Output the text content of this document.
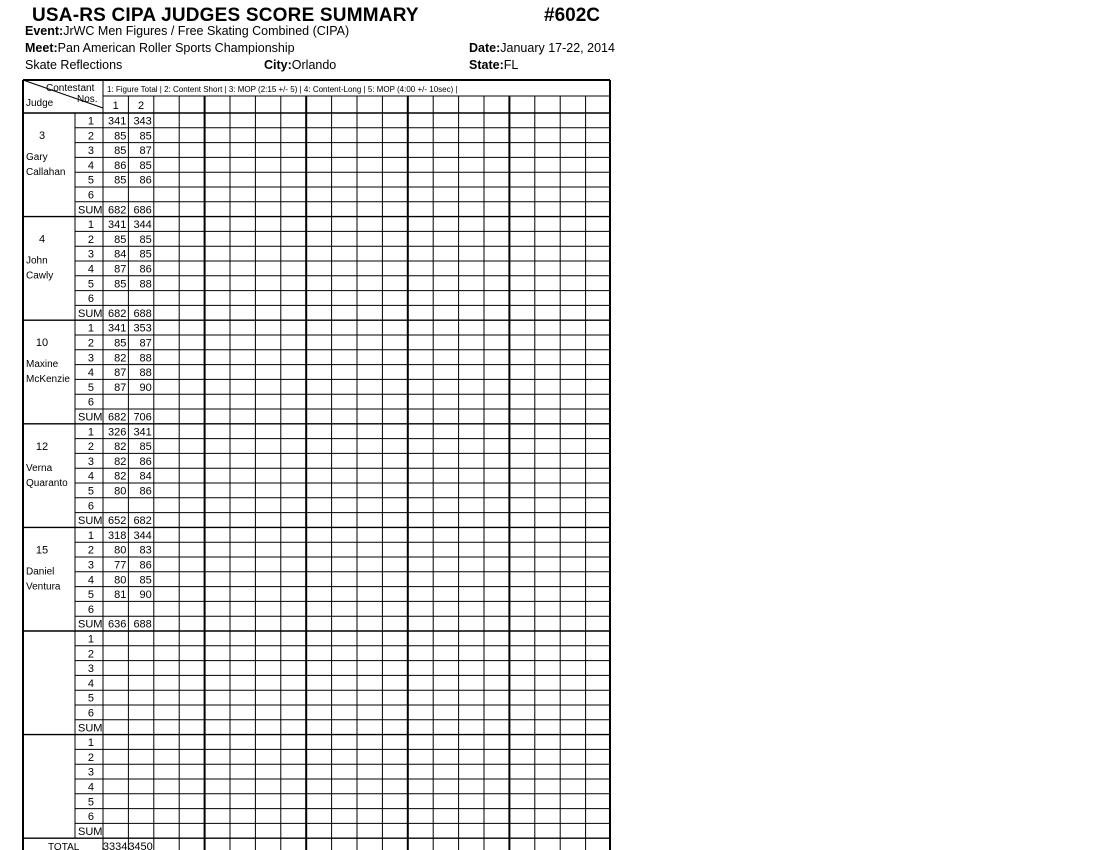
USA-RS CIPA JUDGES SCORE SUMMARY	#602C
Event:JrWC Men Figures / Free Skating Combined (CIPA)
Meet:Pan American Roller Sports Championship	Date:January 17-22, 2014
Skate Reflections	City:Orlando	State:FL
Contestant
Nos.
Judge
1: Figure Total | 2: Content Short | 3: MOP (2:15 +/- 5) | 4: Content-Long | 5: MOP (4:00 +/- 10sec) |
1 2
3
Gary
Callahan
1 341 343
2 85 85
3 85 87
4 86 85
5 85 86
6
SUM 682 686
4
John
Cawly
1 341 344
2 85 85
3 84 85
4 87 86
5 85 88
6
SUM 682 688
10
Maxine
McKenzie
1 341 353
2 85 87
3 82 88
4 87 88
5 87 90
6
SUM 682 706
12
Verna
Quaranto
1 326 341
2 82 85
3 82 86
4 82 84
5 80 86
6
SUM 652 682
15
Daniel
Ventura
1 318 344
2 80 83
3 77 86
4 80 85
5 81 90
6
SUM 636 688
1
2
3
4
5
6
SUM
1
2
3
4
5
6
SUM
TOTAL 3334 3450
